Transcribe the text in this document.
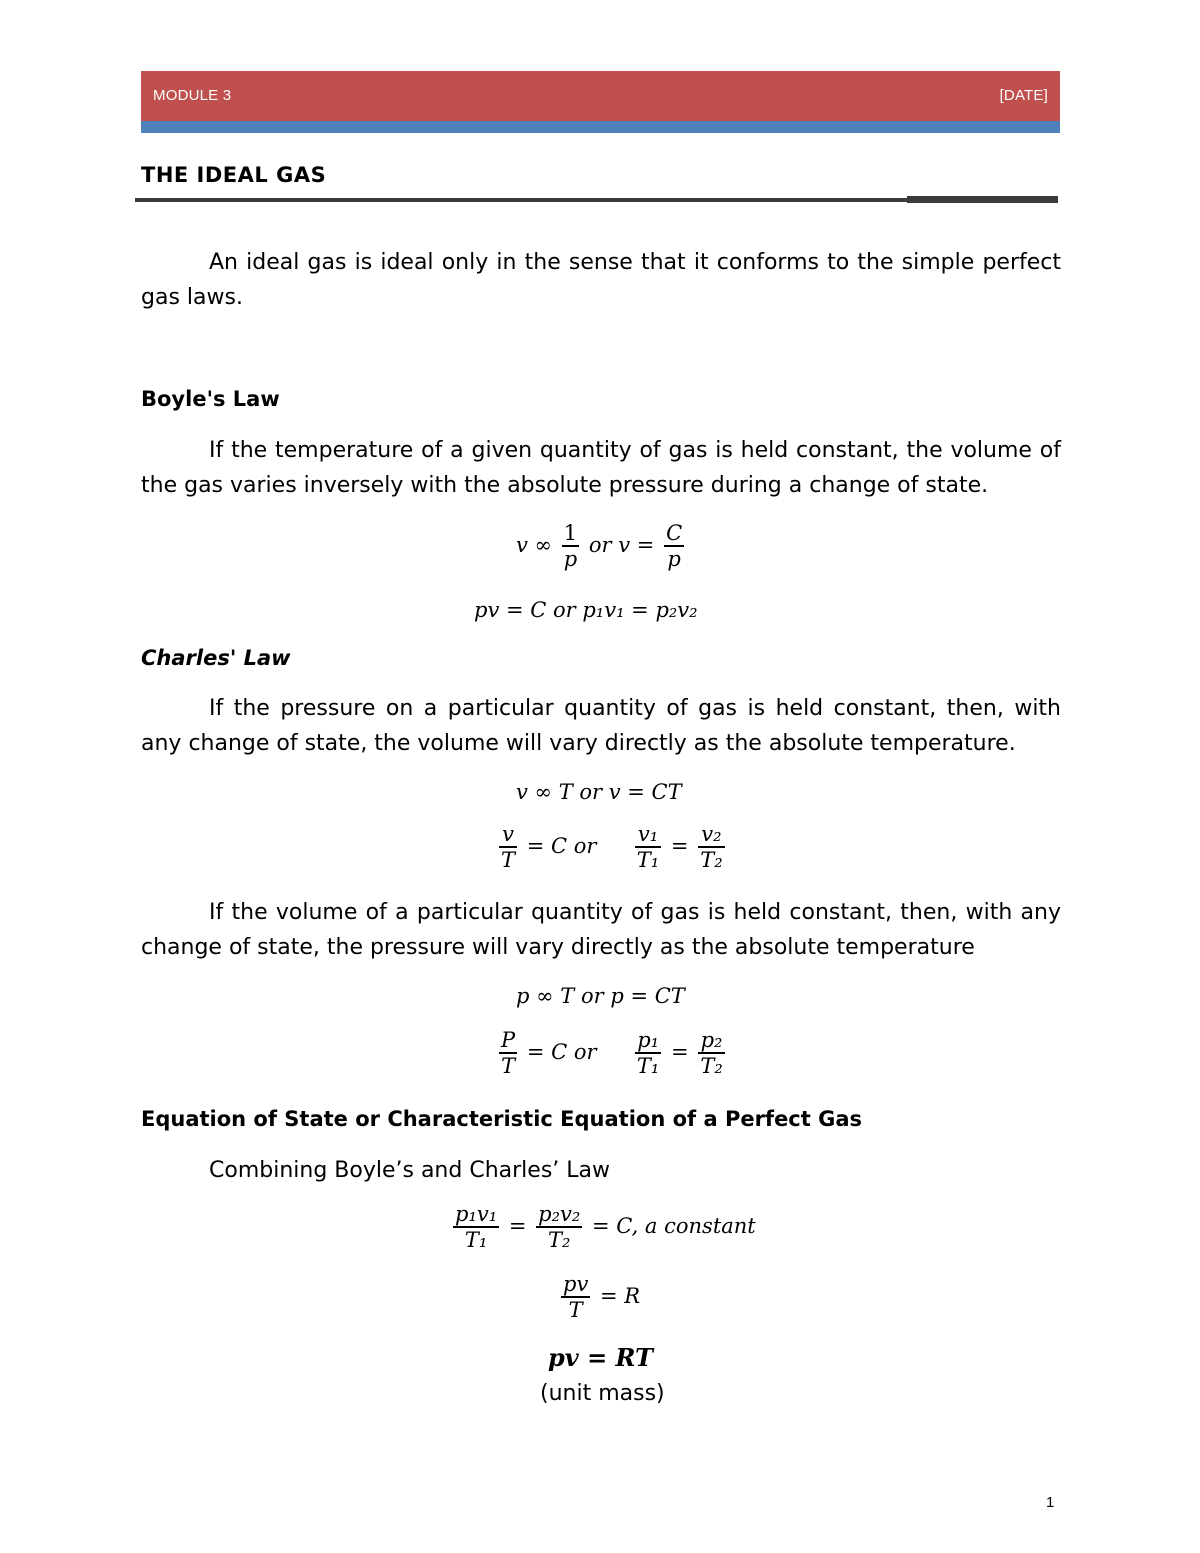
MODULE 3	[DATE]
THE IDEAL GAS
An ideal gas is ideal only in the sense that it conforms to the simple perfect gas laws.
Boyle's Law
If the temperature of a given quantity of gas is held constant, the volume of the gas varies inversely with the absolute pressure during a change of state.
v ∞ $\frac{1}{p}$ or $v = \frac{C}{p}$
pv = C or p₁v₁ = p₂v₂
Charles' Law
If the pressure on a particular quantity of gas is held constant, then, with any change of state, the volume will vary directly as the absolute temperature.
v ∞ T or v = CT
$\frac{v}{T} = C$ or $\frac{\text{v₁}}{\text{T₁}} = \frac{\text{v₂}}{\text{T₂}}$
If the volume of a particular quantity of gas is held constant, then, with any change of state, the pressure will vary directly as the absolute temperature
p ∞ T or p = CT
$\frac{P}{T} = C$ or $\frac{\text{p₁}}{\text{T₁}} = \frac{\text{p₂}}{\text{T₂}}$
Equation of State or Characteristic Equation of a Perfect Gas
Combining Boyle’s and Charles’ Law
$\frac{\text{p₁v₁}}{\text{T₁}} = \frac{\text{p₂v₂}}{\text{T₂}} = C$, a constant
$\frac{pv}{T} = R$
pv = RT
(unit mass)
1
